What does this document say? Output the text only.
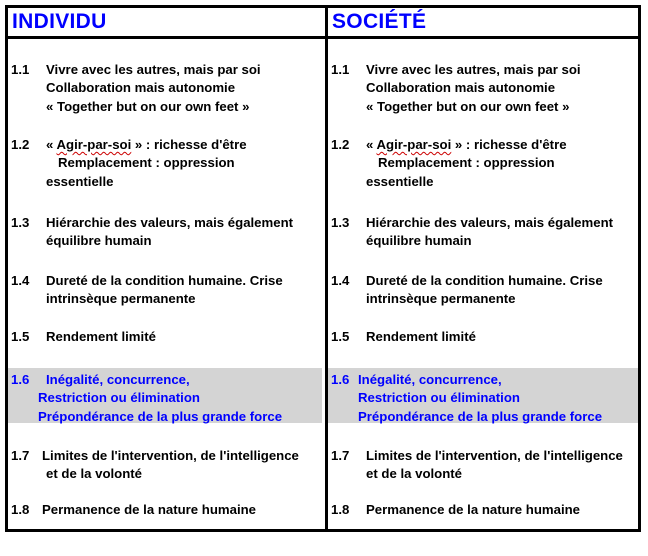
INDIVIDU	SOCIÉTÉ
1.1 Vivre avec les autres, mais par soi
Collaboration mais autonomie
« Together but on our own feet »
1.2 « Agir-par-soi » : richesse d'être
Remplacement : oppression
essentielle
1.3 Hiérarchie des valeurs, mais également
équilibre humain
1.4 Dureté de la condition humaine. Crise
intrinsèque permanente
1.5 Rendement limité
1.6 Inégalité, concurrence,
Restriction ou élimination
Prépondérance de la plus grande force
1.7 Limites de l'intervention, de l'intelligence
et de la volonté
1.8 Permanence de la nature humaine
1.1 Vivre avec les autres, mais par soi
Collaboration mais autonomie
« Together but on our own feet »
1.2 « Agir-par-soi » : richesse d'être
Remplacement : oppression
essentielle
1.3 Hiérarchie des valeurs, mais également
équilibre humain
1.4 Dureté de la condition humaine. Crise
intrinsèque permanente
1.5 Rendement limité
1.6 Inégalité, concurrence,
Restriction ou élimination
Prépondérance de la plus grande force
1.7 Limites de l'intervention, de l'intelligence
et de la volonté
1.8 Permanence de la nature humaine
